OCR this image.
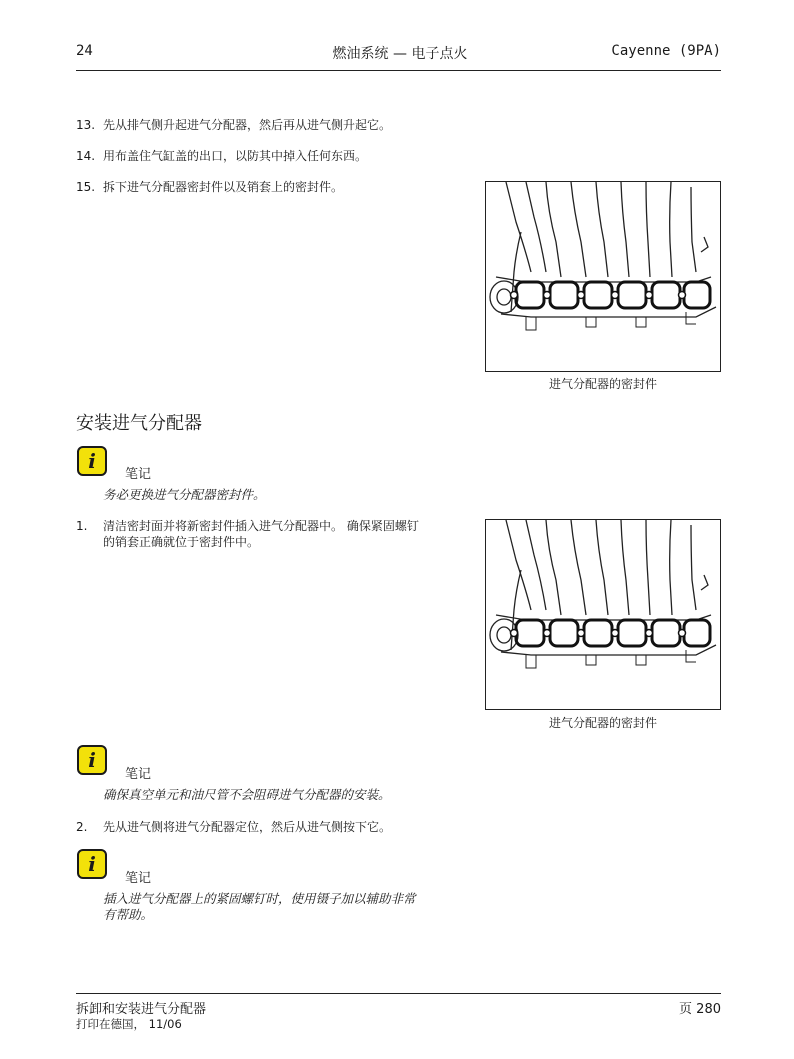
24	燃油系统 — 电子点火	Cayenne (9PA)
13. 先从排气侧升起进气分配器，然后再从进气侧升起它。
14. 用布盖住气缸盖的出口，以防其中掉入任何东西。
15. 拆下进气分配器密封件以及销套上的密封件。
进气分配器的密封件
安装进气分配器
i
笔记
务必更换进气分配器密封件。
1. 清洁密封面并将新密封件插入进气分配器中。 确保紧固螺钉
的销套正确就位于密封件中。
进气分配器的密封件
i
笔记
确保真空单元和油尺管不会阻碍进气分配器的安装。
2. 先从进气侧将进气分配器定位，然后从进气侧按下它。
i
笔记
插入进气分配器上的紧固螺钉时，使用镊子加以辅助非常
有帮助。
拆卸和安装进气分配器
打印在德国， 11/06
页 280
